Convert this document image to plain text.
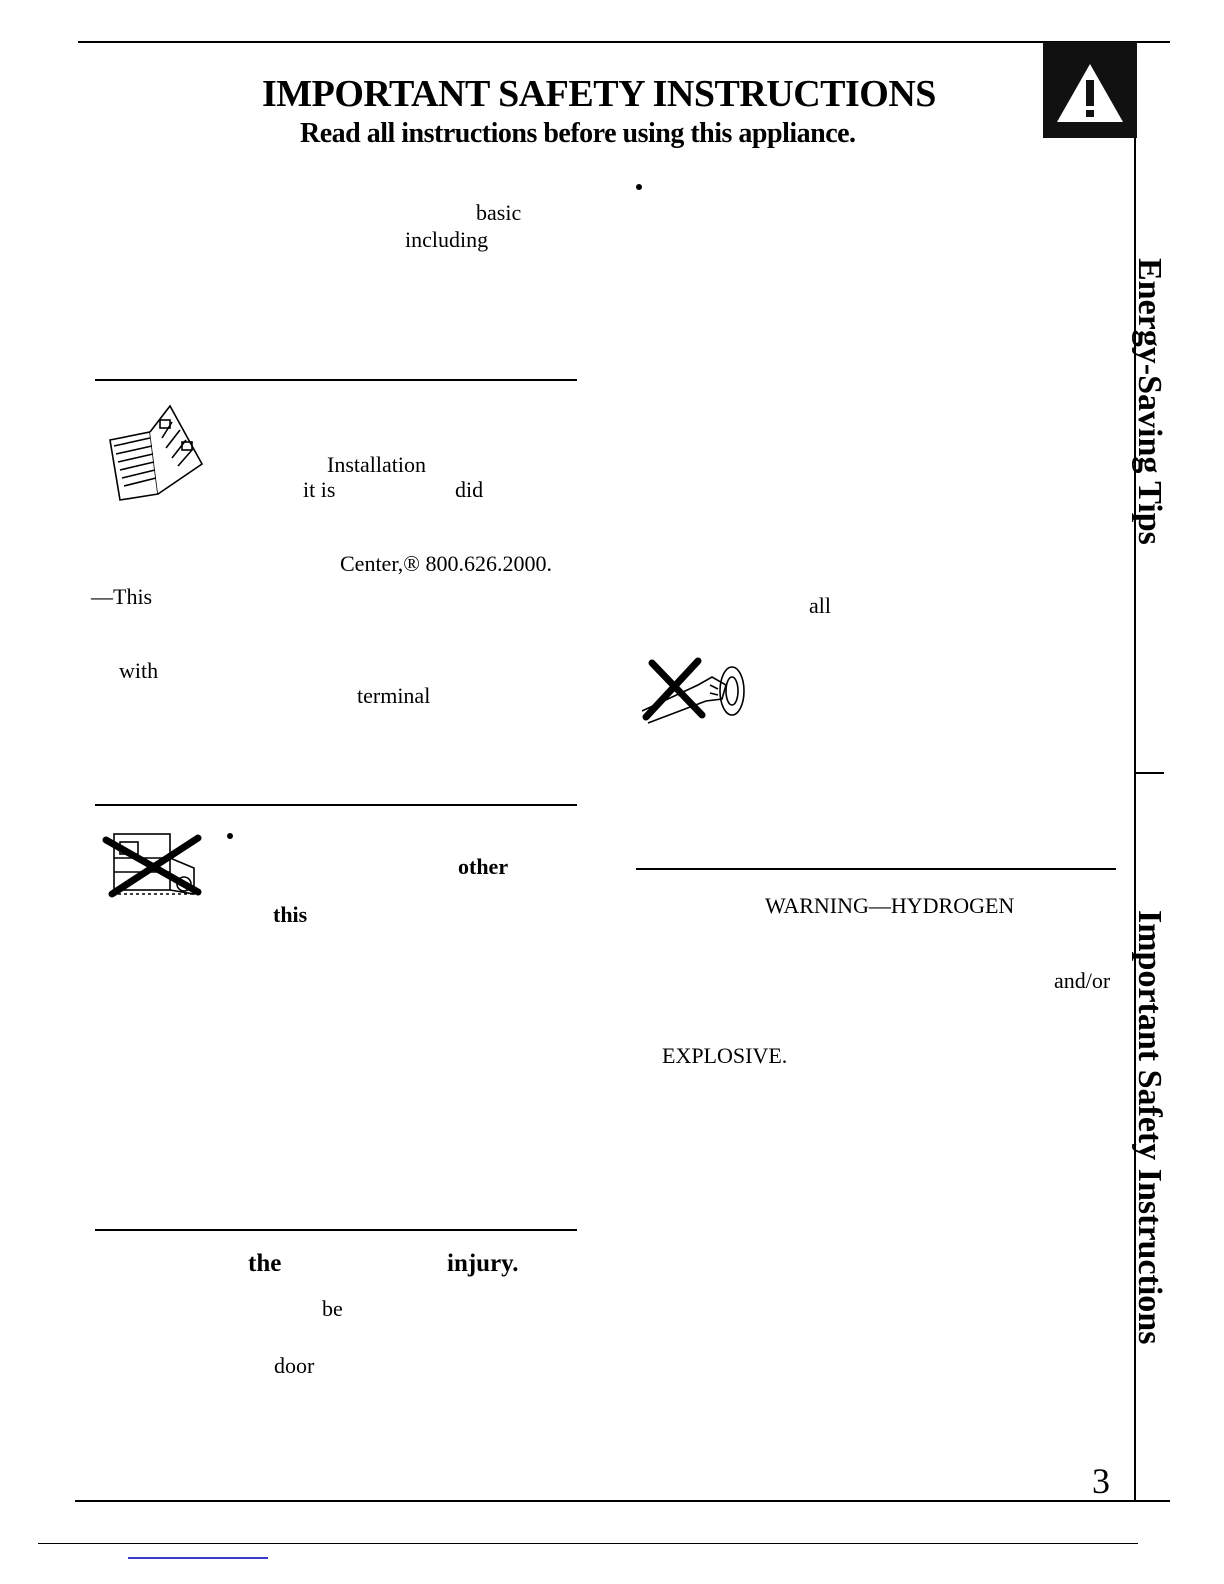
IMPORTANT SAFETY INSTRUCTIONS
Read all instructions before using this appliance.
basic
including
Installation
it is	did
Center,® 800.626.2000.
—This
with
terminal
other
this
the	injury.
be
door
all
WARNING—HYDROGEN
and/or
EXPLOSIVE.
Energy-Saving Tips
Important Safety Instructions
3
